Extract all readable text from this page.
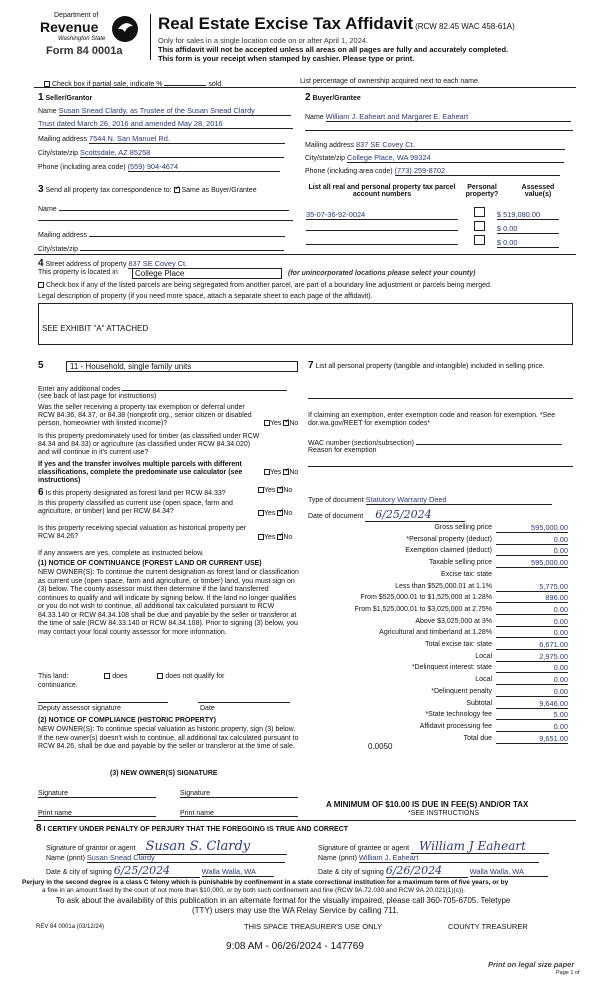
Department of
Revenue
Washington State
Form 84 0001a
Real Estate Excise Tax Affidavit (RCW 82.45 WAC 458-61A)
Only for sales in a single location code on or after April 1, 2024.
This affidavit will not be accepted unless all areas on all pages are fully and accurately completed.
This form is your receipt when stamped by cashier. Please type or print.
Check box if partial sale, indicate %	sold.	List percentage of ownership acquired next to each name.
1 Seller/Grantor
Name Susan Snead Clardy, as Trustee of the Susan Snead Clardy
Trust dated March 26, 2016 and amended May 28, 2016
Mailing address 7544 N. San Manuel Rd.
City/state/zip Scottsdale, AZ 85258
Phone (including area code) (559) 904-4674
2 Buyer/Grantee
Name William J. Eaheart and Margaret E. Eaheart
Mailing address 837 SE Covey Ct.
City/state/zip College Place, WA 99324
Phone (including area code) (773) 259-8702
3 Send all property tax correspondence to: ✓ Same as Buyer/Grantee
Name
Mailing address
City/state/zip
List all real and personal property tax parcel account numbers
Personal property?
Assessed value(s)
35-07-36-92-0024	$ 519,080.00
$ 0.00
$ 0.00
4 Street address of property 837 SE Covey Ct.
This property is located in	College Place	(for unincorporated locations please select your county)
Check box if any of the listed parcels are being segregated from another parcel, are part of a boundary line adjustment or parcels being merged.
Legal description of property (if you need more space, attach a separate sheet to each page of the affidavit).
SEE EXHIBIT "A" ATTACHED
5	11 - Household, single family units
Enter any additional codes
(see back of last page for instructions)
Was the seller receiving a property tax exemption or deferral under RCW 84.36, 84.37, or 84.38 (nonprofit org., senior citizen or disabled person, homeowner with limited income)?	Yes ✓ No
Is this property predominately used for timber (as classified under RCW 84.34 and 84.33) or agriculture (as classified under RCW 84.34.020) and will continue in it's current use?
If yes and the transfer involves multiple parcels with different classifications, complete the predominate use calculator (see instructions)
Yes ✓ No
7 List all personal property (tangible and intangible) included in selling price.
If claiming an exemption, enter exemption code and reason for exemption. *See dor.wa.gov/REET for exemption codes*
WAC number (section/subsection)
Reason for exemption
6 Is this property designated as forest land per RCW 84.33?	Yes ✓ No
Is this property classified as current use (open space, farm and agriculture, or timber) land per RCW 84.34?	Yes ✓ No
Is this property receiving special valuation as historical property per RCW 84.26?	Yes ✓ No
If any answers are yes, complete as instructed below.
(1) NOTICE OF CONTINUANCE (FOREST LAND OR CURRENT USE)
NEW OWNER(S): To continue the current designation as forest land or classification as current use (open space, farm and agriculture, or timber) land, you must sign on (3) below. The county assessor must then determine if the land transferred continues to qualify and will indicate by signing below. If the land no longer qualifies or you do not wish to continue, all additional tax calculated pursuant to RCW 84.33.140 or RCW 84.34.108 shall be due and payable by the seller or transferor at the time of sale (RCW 84.33.140 or RCW 84.34.108). Prior to signing (3) below, you may contact your local county assessor for more information.
This land:	does	does not qualify for
continuance.
Deputy assessor signature	Date
(2) NOTICE OF COMPLIANCE (HISTORIC PROPERTY)
NEW OWNER(S): To continue special valuation as historic property, sign (3) below. If the new owner(s) doesn't wish to continue, all additional tax calculated pursuant to RCW 84.26, shall be due and payable by the seller or transferor at the time of sale.
(3) NEW OWNER(S) SIGNATURE
Signature	Signature
Print name	Print name
Type of document Statutory Warranty Deed
Date of document 6/25/2024
Gross selling price	595,000.00
*Personal property (deduct)	0.00
Exemption claimed (deduct)	0.00
Taxable selling price	595,000.00
Excise tax: state
Less than $525,000.01 at 1.1%	5,775.00
From $525,000.01 to $1,525,000 at 1.28%	896.00
From $1,525,000.01 to $3,025,000 at 2.75%	0.00
Above $3,025,000 at 3%	0.00
Agricultural and timberland at 1.28%	0.00
Total excise tax: state	6,671.00
Local	2,975.00
*Delinquent interest: state	0.00
Local	0.00
*Delinquent penalty	0.00
Subtotal	9,646.00
*State technology fee	5.00
Affidavit processing fee	0.00
Total due	9,651.00
0.0050
A MINIMUM OF $10.00 IS DUE IN FEE(S) AND/OR TAX
*SEE INSTRUCTIONS
8 I CERTIFY UNDER PENALTY OF PERJURY THAT THE FOREGOING IS TRUE AND CORRECT
Signature of grantor or agent Susan S. Clardy
Name (print) Susan Snead Clardy
Date & city of signing 6/25/2024	Walla Walla, WA
Signature of grantee or agent William J Eaheart
Name (print) William J. Eaheart
Date & city of signing 6/26/2024	Walla Walla, WA
Perjury in the second degree is a class C felony which is punishable by confinement in a state correctional institution for a maximum term of five years, or by
a fine in an amount fixed by the court of not more than $10,000, or by both such confinement and fine (RCW 9A.72.030 and RCW 9A.20.021(1)(c)).
To ask about the availability of this publication in an alternate format for the visually impaired, please call 360-705-6705. Teletype
(TTY) users may use the WA Relay Service by calling 711.
REV 84 0001a (03/12/24)	THIS SPACE TREASURER'S USE ONLY	COUNTY TREASURER
9:08 AM - 06/26/2024 - 147769
Print on legal size paper
Page 1 of
